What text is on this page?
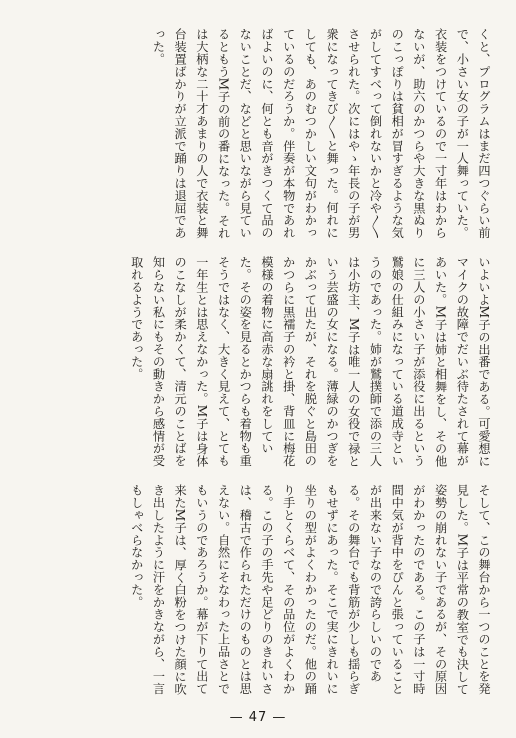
くと、プログラムはまだ四つぐらい前で、小さい女の子が一人舞っていた。衣装をつけているので一寸年はわからないが、助六のかつらや大きな黒ぬりのこっぽりは貧相が冒すぎるような気がしてすべって倒れないかと冷や〳〵させられた。次にはやゝ年長の子が男衆になってきび〳〵と舞った。何れにしても、あのむつかしい文句がわかっているのだろうか。伴奏が本物であればよいのに、何とも音がきつくて品のないことだ、などと思いながら見ているともうM子の前の番になった。それは大柄な二十才あまりの人で衣装と舞台装置ばかりが立派で踊りは退屈であった。

いよいよM子の出番である。可愛想にマイクの故障でだいぶ待たされて幕があいた。M子は姉と相舞をし、その他に三人の小さい子が添役に出るという鷲娘の仕組みになっている道成寺というのであった。姉が鷲撲師で添の三人は小坊主、M子は唯一人の女役で禄という芸盛の女になる。薄緑のかつぎをかぶって出たが、それを脱ぐと島田のかつらに黒襦子の衿と掛、背皿に梅花模様の着物に高赤な扇誂れをしていた。その姿を見るとかつらも着物も重そうではなく、大きく見えて、とても一年生とは思えなかった。M子は身体のこなしが柔かくて、清元のことばを知らない私にもその動きから感情が受取れるようであった。

そして、この舞台から一つのことを発見した。M子は平常の教室でも決して姿勢の崩れない子であるが、その原因がわかったのである。この子は一寸時間中気が背中をぴんと張っていることが出来ない子なので誇らしいのである。その舞台でも背筋が少しも揺らぎもせずにあった。そこで実にきれいに坐りの型がよくわかったのだ。他の踊り手とくらべて、その品位がよくわかる。この子の手先や足どりのきれいさは、稽古で作られただけのものとは思えない。自然にそなわった上品さとでもいうのであろうか。幕が下りて出て来たM子は、厚く白粉をつけた顔に吹き出したように汗をかきながら、一言もしゃべらなかった。

— 47 —
